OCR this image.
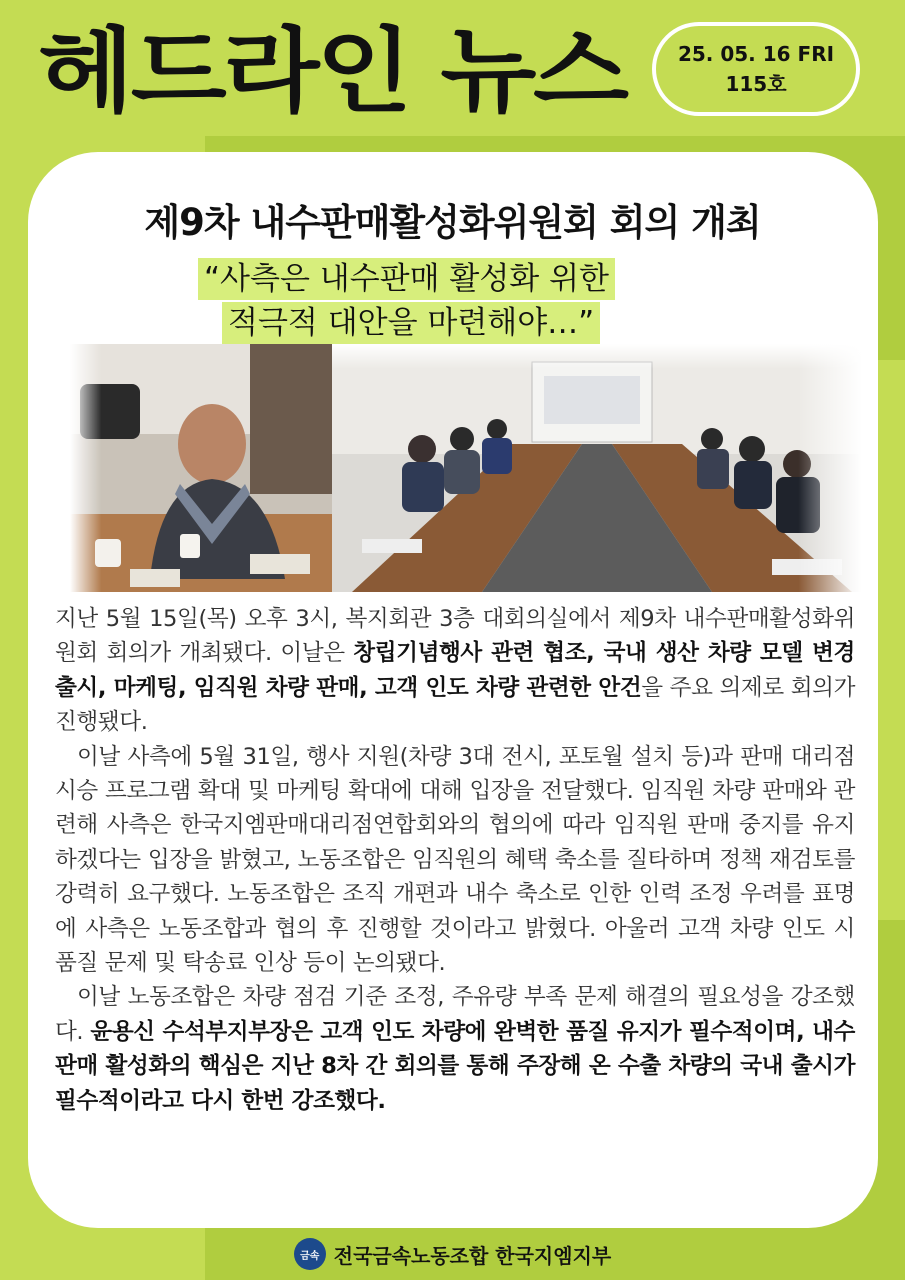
헤드라인 뉴스	25. 05. 16 FRI
115호
제9차 내수판매활성화위원회 회의 개최
“사측은 내수판매 활성화 위한
적극적 대안을 마련해야…”

지난 5월 15일(목) 오후 3시, 복지회관 3층 대회의실에서 제9차 내수판매활성화위원회 회의가 개최됐다. 이날은 창립기념행사 관련 협조, 국내 생산 차량 모델 변경 출시, 마케팅, 임직원 차량 판매, 고객 인도 차량 관련한 안건을 주요 의제로 회의가 진행됐다.

이날 사측에 5월 31일, 행사 지원(차량 3대 전시, 포토월 설치 등)과 판매 대리점 시승 프로그램 확대 및 마케팅 확대에 대해 입장을 전달했다. 임직원 차량 판매와 관련해 사측은 한국지엠판매대리점연합회와의 협의에 따라 임직원 판매 중지를 유지하겠다는 입장을 밝혔고, 노동조합은 임직원의 혜택 축소를 질타하며 정책 재검토를 강력히 요구했다. 노동조합은 조직 개편과 내수 축소로 인한 인력 조정 우려를 표명에 사측은 노동조합과 협의 후 진행할 것이라고 밝혔다. 아울러 고객 차량 인도 시 품질 문제 및 탁송료 인상 등이 논의됐다.

이날 노동조합은 차량 점검 기준 조정, 주유량 부족 문제 해결의 필요성을 강조했다. 윤용신 수석부지부장은 고객 인도 차량에 완벽한 품질 유지가 필수적이며, 내수판매 활성화의 핵심은 지난 8차 간 회의를 통해 주장해 온 수출 차량의 국내 출시가 필수적이라고 다시 한번 강조했다.

금속 전국금속노동조합 한국지엠지부
